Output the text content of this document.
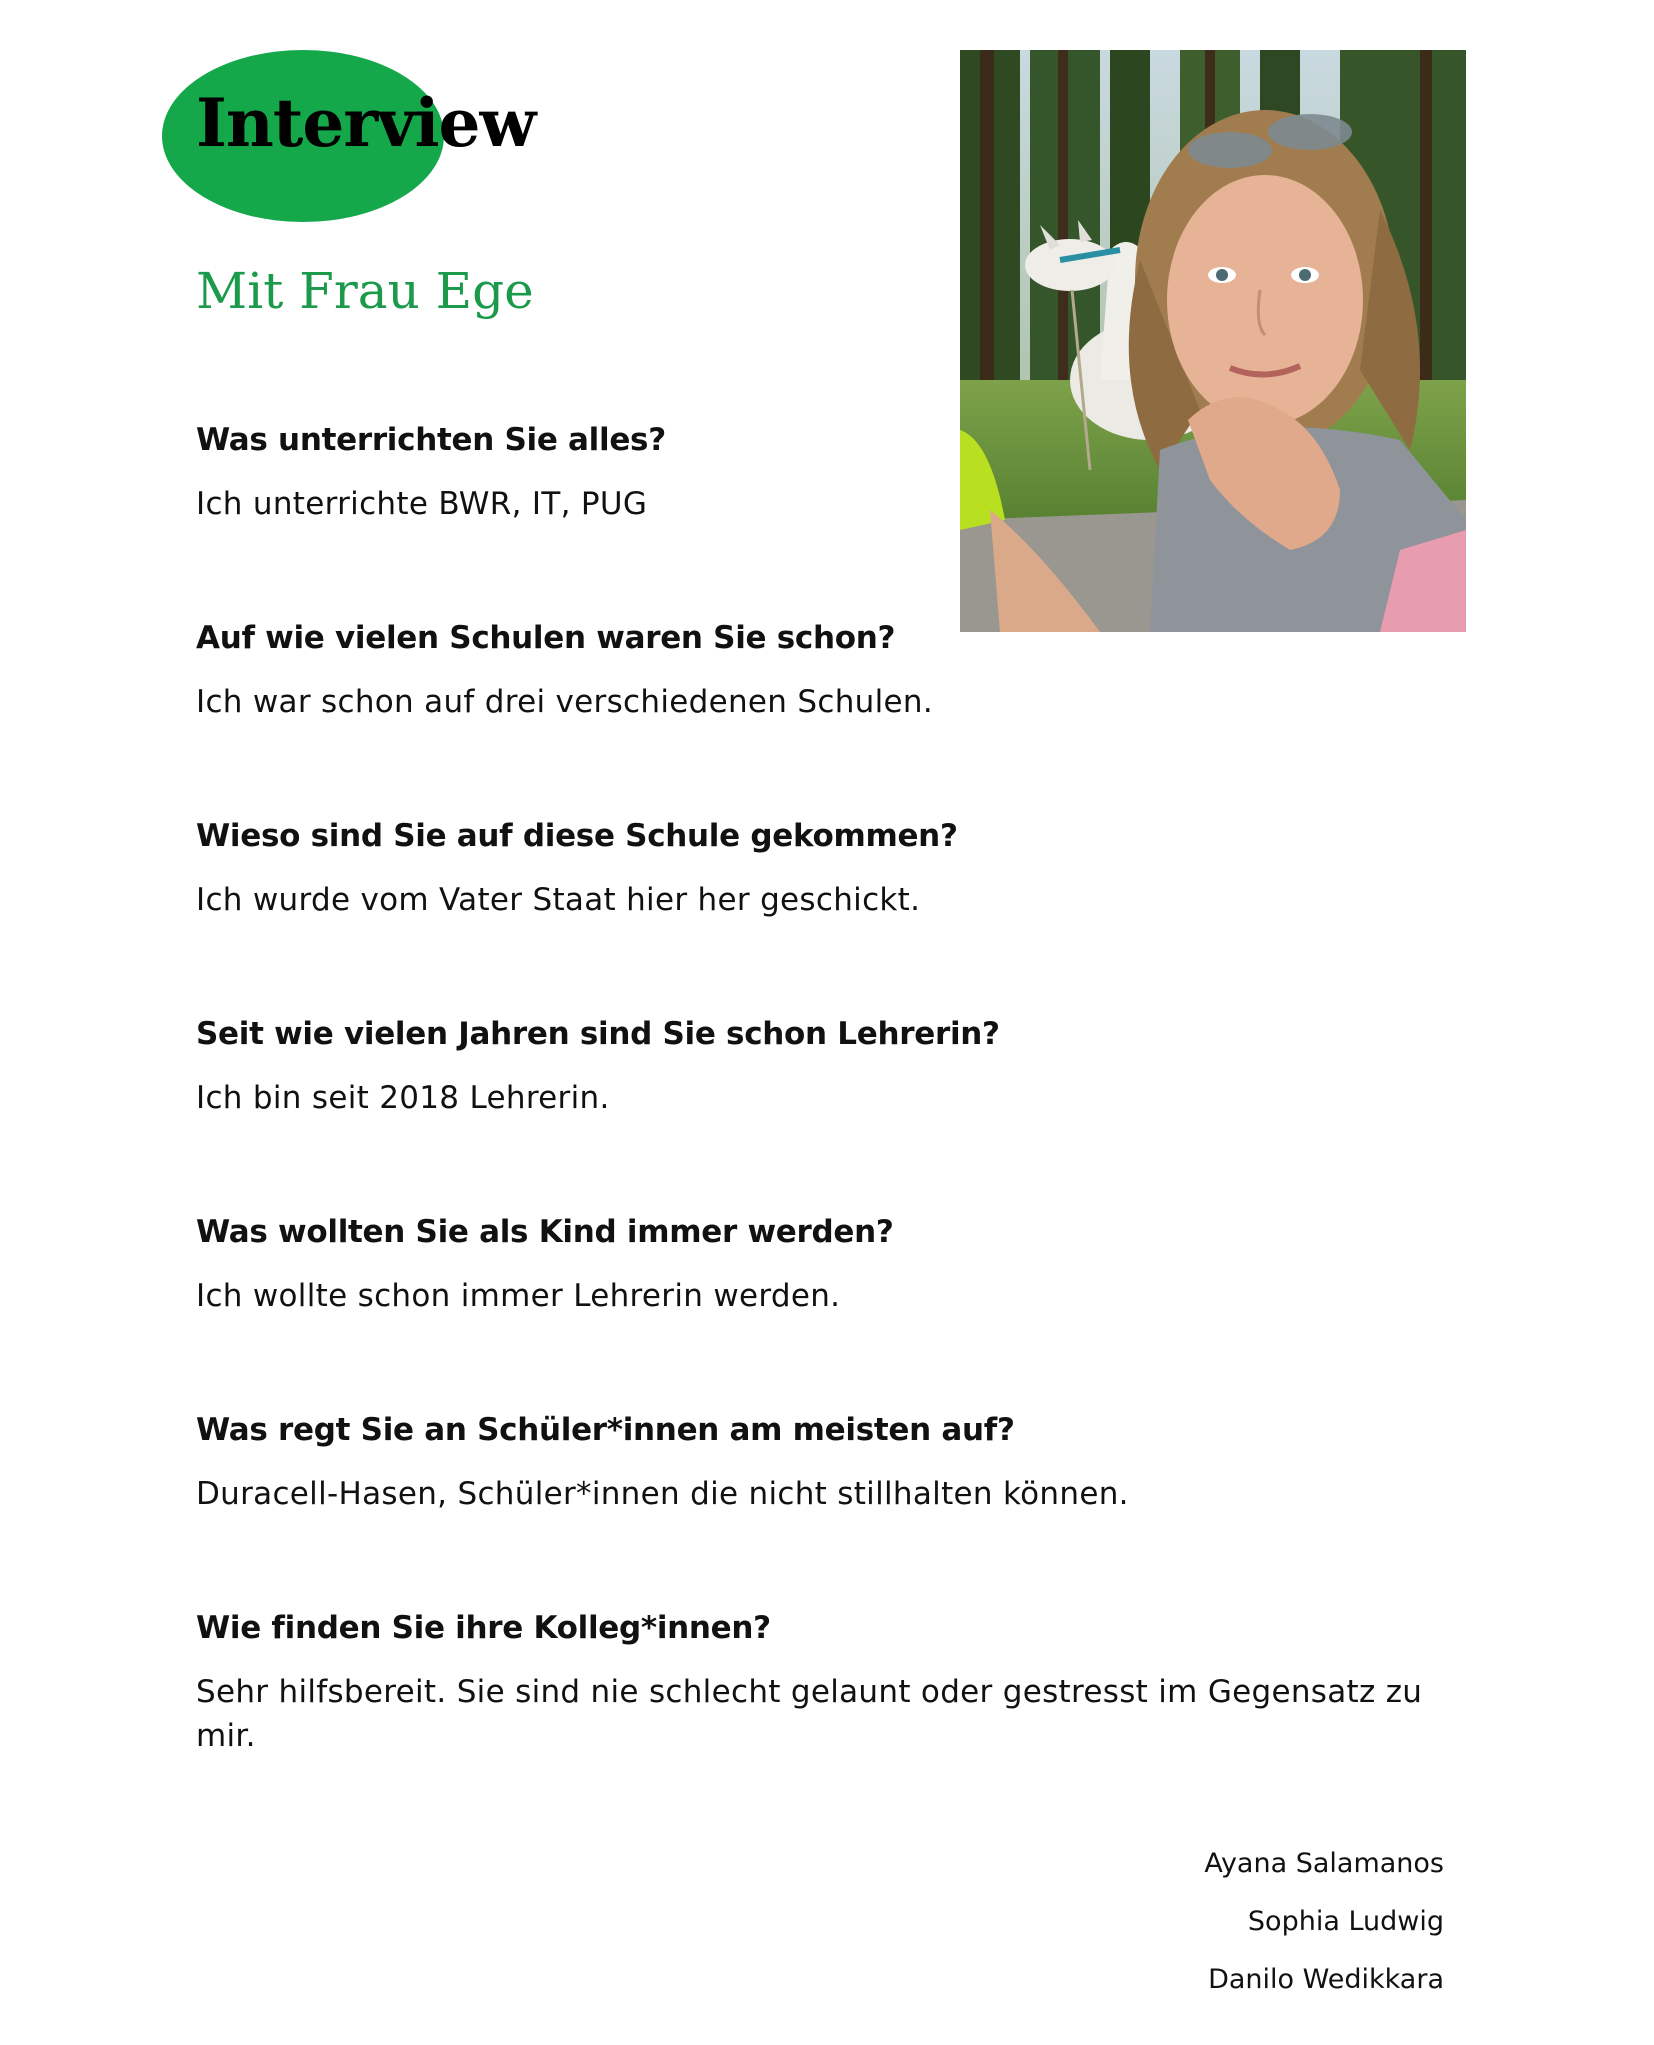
Interview
Mit Frau Ege

Was unterrichten Sie alles?

Ich unterrichte BWR, IT, PUG

Auf wie vielen Schulen waren Sie schon?

Ich war schon auf drei verschiedenen Schulen.

Wieso sind Sie auf diese Schule gekommen?

Ich wurde vom Vater Staat hier her geschickt.

Seit wie vielen Jahren sind Sie schon Lehrerin?

Ich bin seit 2018 Lehrerin.

Was wollten Sie als Kind immer werden?

Ich wollte schon immer Lehrerin werden.

Was regt Sie an Schüler*innen am meisten auf?

Duracell-Hasen, Schüler*innen die nicht stillhalten können.

Wie finden Sie ihre Kolleg*innen?

Sehr hilfsbereit. Sie sind nie schlecht gelaunt oder gestresst im Gegensatz zu mir.

Ayana Salamanos
Sophia Ludwig
Danilo Wedikkara
